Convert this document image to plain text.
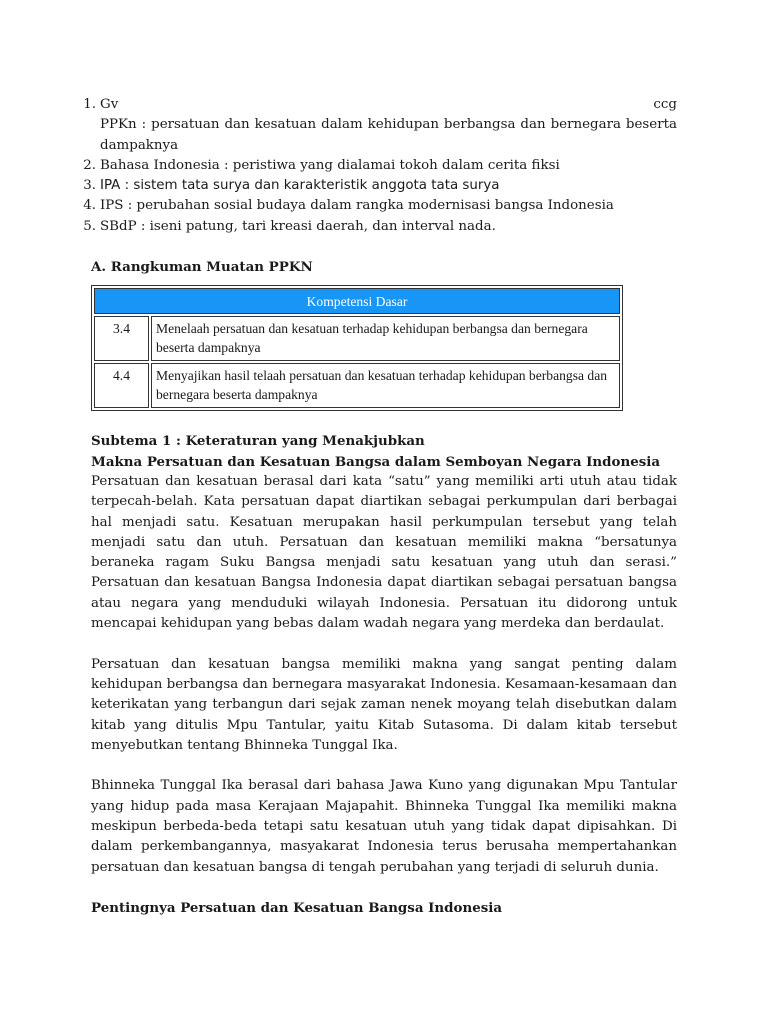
1. Gv	ccg
PPKn : persatuan dan kesatuan dalam kehidupan berbangsa dan bernegara beserta dampaknya
2. Bahasa Indonesia : peristiwa yang dialamai tokoh dalam cerita fiksi
3. IPA : sistem tata surya dan karakteristik anggota tata surya
4. IPS : perubahan sosial budaya dalam rangka modernisasi bangsa Indonesia
5. SBdP : iseni patung, tari kreasi daerah, dan interval nada.
A. Rangkuman Muatan PPKN
Kompetensi Dasar	
3.4	Menelaah persatuan dan kesatuan terhadap kehidupan berbangsa dan bernegara beserta dampaknya
4.4	Menyajikan hasil telaah persatuan dan kesatuan terhadap kehidupan berbangsa dan bernegara beserta dampaknya
Subtema 1 : Keteraturan yang Menakjubkan
Makna Persatuan dan Kesatuan Bangsa dalam Semboyan Negara Indonesia

Persatuan dan kesatuan berasal dari kata “satu” yang memiliki arti utuh atau tidak terpecah-belah. Kata persatuan dapat diartikan sebagai perkumpulan dari berbagai hal menjadi satu. Kesatuan merupakan hasil perkumpulan tersebut yang telah menjadi satu dan utuh. Persatuan dan kesatuan memiliki makna “bersatunya beraneka ragam Suku Bangsa menjadi satu kesatuan yang utuh dan serasi.” Persatuan dan kesatuan Bangsa Indonesia dapat diartikan sebagai persatuan bangsa atau negara yang menduduki wilayah Indonesia. Persatuan itu didorong untuk mencapai kehidupan yang bebas dalam wadah negara yang merdeka dan berdaulat.

Persatuan dan kesatuan bangsa memiliki makna yang sangat penting dalam kehidupan berbangsa dan bernegara masyarakat Indonesia. Kesamaan-kesamaan dan keterikatan yang terbangun dari sejak zaman nenek moyang telah disebutkan dalam kitab yang ditulis Mpu Tantular, yaitu Kitab Sutasoma. Di dalam kitab tersebut menyebutkan tentang Bhinneka Tunggal Ika.

Bhinneka Tunggal Ika berasal dari bahasa Jawa Kuno yang digunakan Mpu Tantular yang hidup pada masa Kerajaan Majapahit. Bhinneka Tunggal Ika memiliki makna meskipun berbeda-beda tetapi satu kesatuan utuh yang tidak dapat dipisahkan. Di dalam perkembangannya, masyakarat Indonesia terus berusaha mempertahankan persatuan dan kesatuan bangsa di tengah perubahan yang terjadi di seluruh dunia.

Pentingnya Persatuan dan Kesatuan Bangsa Indonesia
